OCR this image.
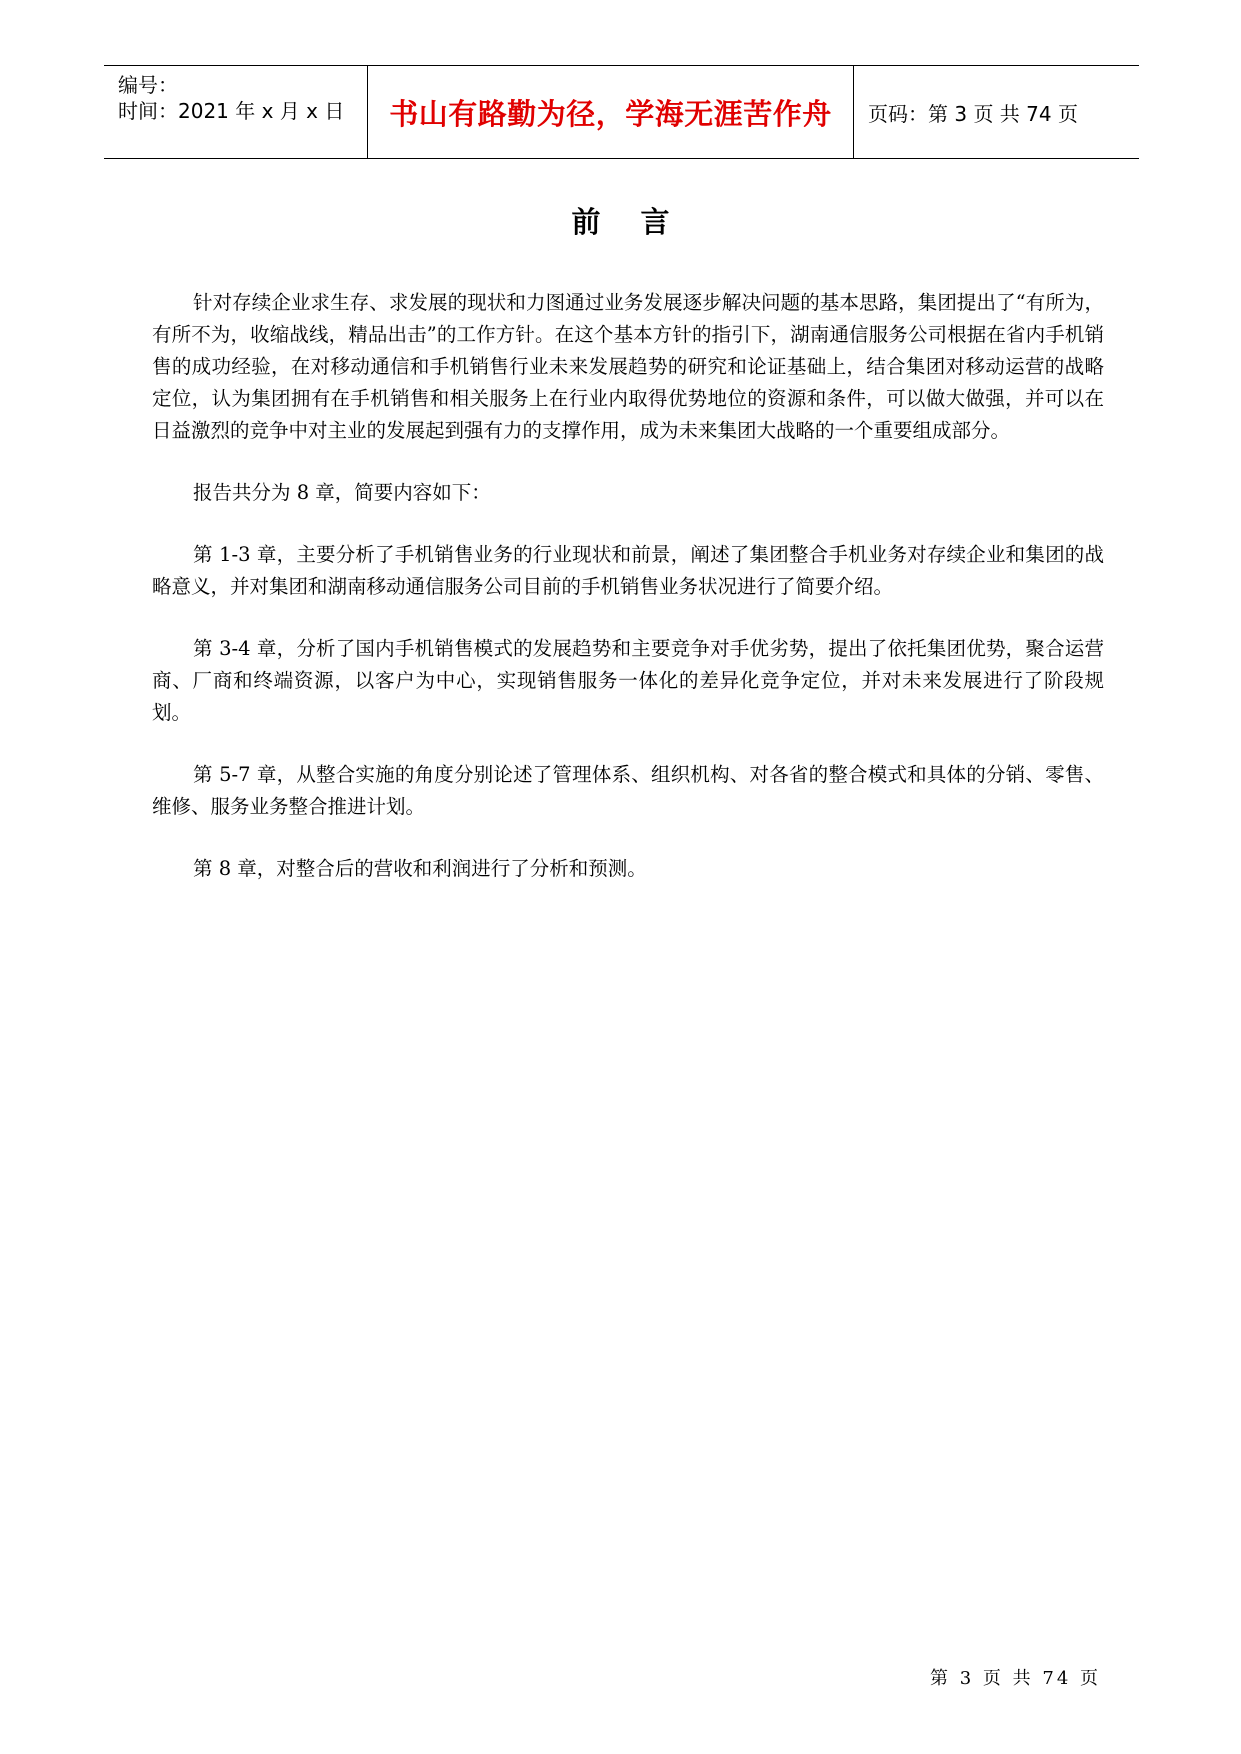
编号：
时间：2021 年 x 月 x 日 书山有路勤为径，学海无涯苦作舟 页码：第 3 页 共 74 页
前言

针对存续企业求生存、求发展的现状和力图通过业务发展逐步解决问题的基本思路，集团提出了“有所为，有所不为，收缩战线，精品出击”的工作方针。在这个基本方针的指引下，湖南通信服务公司根据在省内手机销售的成功经验，在对移动通信和手机销售行业未来发展趋势的研究和论证基础上，结合集团对移动运营的战略定位，认为集团拥有在手机销售和相关服务上在行业内取得优势地位的资源和条件，可以做大做强，并可以在日益激烈的竞争中对主业的发展起到强有力的支撑作用，成为未来集团大战略的一个重要组成部分。

报告共分为 8 章，简要内容如下：

第 1-3 章，主要分析了手机销售业务的行业现状和前景，阐述了集团整合手机业务对存续企业和集团的战略意义，并对集团和湖南移动通信服务公司目前的手机销售业务状况进行了简要介绍。

第 3-4 章，分析了国内手机销售模式的发展趋势和主要竞争对手优劣势，提出了依托集团优势，聚合运营商、厂商和终端资源，以客户为中心，实现销售服务一体化的差异化竞争定位，并对未来发展进行了阶段规划。

第 5-7 章，从整合实施的角度分别论述了管理体系、组织机构、对各省的整合模式和具体的分销、零售、维修、服务业务整合推进计划。

第 8 章，对整合后的营收和利润进行了分析和预测。

第 3 页 共 74 页
